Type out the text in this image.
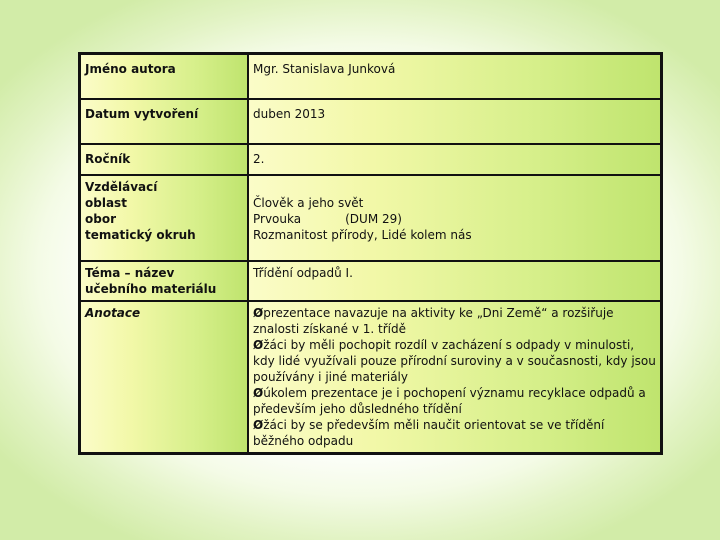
Jméno autora	Mgr. Stanislava Junková
Datum vytvoření	duben 2013
Ročník	2.

Vzdělávací
oblast
obor
tematický okruh	Člověk a jeho svět
Prvouka (DUM 29)
Rozmanitost přírody, Lidé kolem nás

Téma – název
učebního materiálu	Třídění odpadů I.
Anotace	Øprezentace navazuje na aktivity ke „Dni Země“ a rozšiřuje znalosti získané v 1. třídě
Øžáci by měli pochopit rozdíl v zacházení s odpady v minulosti, kdy lidé využívali pouze přírodní suroviny a v současnosti, kdy jsou používány i jiné materiály
Øúkolem prezentace je i pochopení významu recyklace odpadů a především jeho důsledného třídění
Øžáci by se především měli naučit orientovat se ve třídění běžného odpadu
